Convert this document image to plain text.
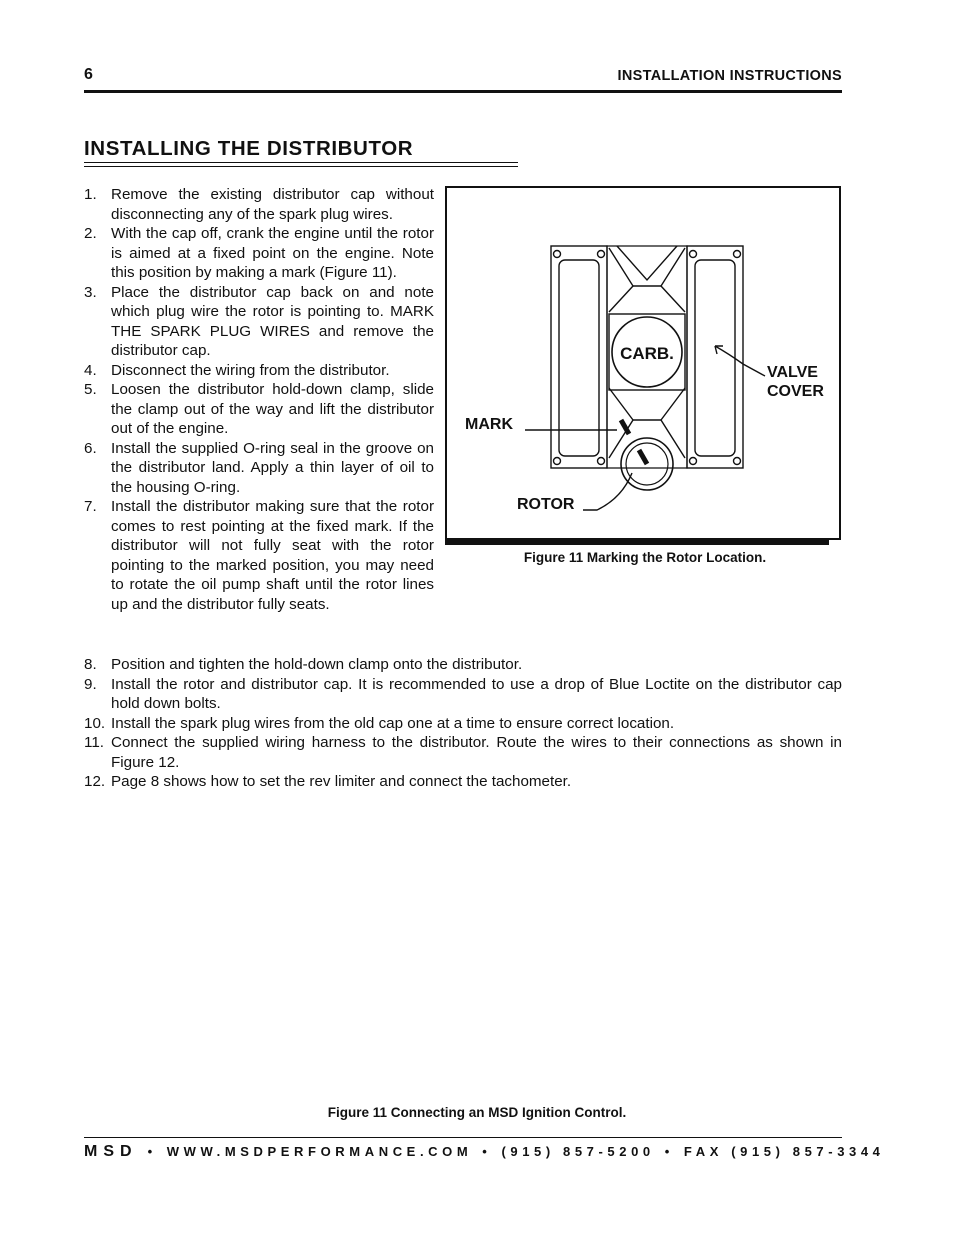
6	INSTALLATION INSTRUCTIONS
INSTALLING THE DISTRIBUTOR
1. Remove the existing distributor cap without disconnecting any of the spark plug wires.
2. With the cap off, crank the engine until the rotor is aimed at a fixed point on the engine. Note this position by making a mark (Figure 11).
3. Place the distributor cap back on and note which plug wire the rotor is pointing to. MARK THE SPARK PLUG WIRES and remove the distributor cap.
4. Disconnect the wiring from the distributor.
5. Loosen the distributor hold-down clamp, slide the clamp out of the way and lift the distributor out of the engine.
6. Install the supplied O-ring seal in the groove on the distributor land. Apply a thin layer of oil to the housing O-ring.
7. Install the distributor making sure that the rotor comes to rest pointing at the fixed mark. If the distributor will not fully seat with the rotor pointing to the marked position, you may need to rotate the oil pump shaft until the rotor lines up and the distributor fully seats.
CARB.
VALVE
COVER
MARK
ROTOR
Figure 11 Marking the Rotor Location.
8. Position and tighten the hold-down clamp onto the distributor.
9. Install the rotor and distributor cap. It is recommended to use a drop of Blue Loctite on the distributor cap hold down bolts.
10. Install the spark plug wires from the old cap one at a time to ensure correct location.
11. Connect the supplied wiring harness to the distributor. Route the wires to their connections as shown in Figure 12.
12. Page 8 shows how to set the rev limiter and connect the tachometer.
Figure 11 Connecting an MSD Ignition Control.
MSD • WWW.MSDPERFORMANCE.COM • (915) 857-5200 • FAX (915) 857-3344
